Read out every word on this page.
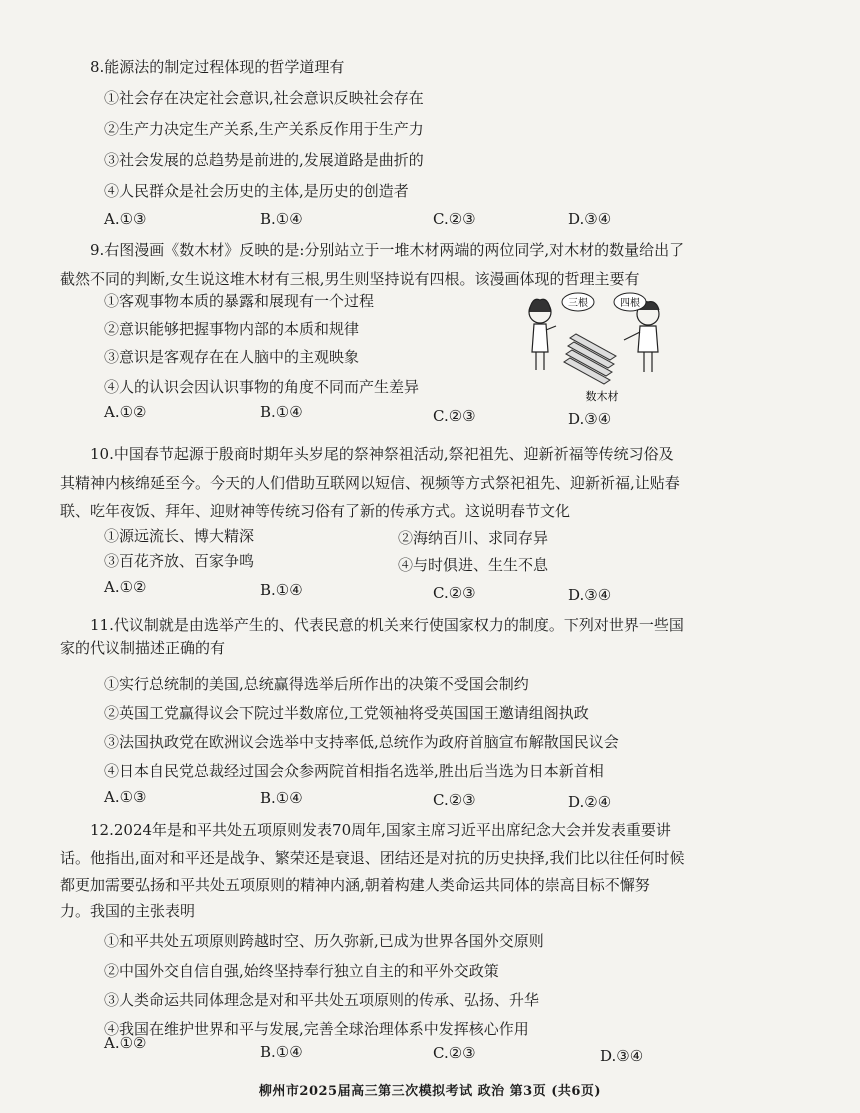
8.能源法的制定过程体现的哲学道理有
①社会存在决定社会意识,社会意识反映社会存在
②生产力决定生产关系,生产关系反作用于生产力
③社会发展的总趋势是前进的,发展道路是曲折的
④人民群众是社会历史的主体,是历史的创造者
A.①③	B.①④	C.②③	D.③④
9.右图漫画《数木材》反映的是:分别站立于一堆木材两端的两位同学,对木材的数量给出了
截然不同的判断,女生说这堆木材有三根,男生则坚持说有四根。该漫画体现的哲理主要有
①客观事物本质的暴露和展现有一个过程
②意识能够把握事物内部的本质和规律
③意识是客观存在在人脑中的主观映象
④人的认识会因认识事物的角度不同而产生差异
A.①②	B.①④	C.②③	D.③④
三根	四根
数木材
10.中国春节起源于殷商时期年头岁尾的祭神祭祖活动,祭祀祖先、迎新祈福等传统习俗及
其精神内核绵延至今。今天的人们借助互联网以短信、视频等方式祭祀祖先、迎新祈福,让贴春
联、吃年夜饭、拜年、迎财神等传统习俗有了新的传承方式。这说明春节文化
①源远流长、博大精深	②海纳百川、求同存异
③百花齐放、百家争鸣	④与时俱进、生生不息
A.①②	B.①④	C.②③	D.③④
11.代议制就是由选举产生的、代表民意的机关来行使国家权力的制度。下列对世界一些国
家的代议制描述正确的有
①实行总统制的美国,总统赢得选举后所作出的决策不受国会制约
②英国工党赢得议会下院过半数席位,工党领袖将受英国国王邀请组阁执政
③法国执政党在欧洲议会选举中支持率低,总统作为政府首脑宣布解散国民议会
④日本自民党总裁经过国会众参两院首相指名选举,胜出后当选为日本新首相
A.①③	B.①④	C.②③	D.②④
12.2024年是和平共处五项原则发表70周年,国家主席习近平出席纪念大会并发表重要讲
话。他指出,面对和平还是战争、繁荣还是衰退、团结还是对抗的历史抉择,我们比以往任何时候
都更加需要弘扬和平共处五项原则的精神内涵,朝着构建人类命运共同体的崇高目标不懈努
力。我国的主张表明
①和平共处五项原则跨越时空、历久弥新,已成为世界各国外交原则
②中国外交自信自强,始终坚持奉行独立自主的和平外交政策
③人类命运共同体理念是对和平共处五项原则的传承、弘扬、升华
④我国在维护世界和平与发展,完善全球治理体系中发挥核心作用
A.①②	B.①④	C.②③	D.③④
柳州市2025届高三第三次模拟考试 政治 第3页 (共6页)
